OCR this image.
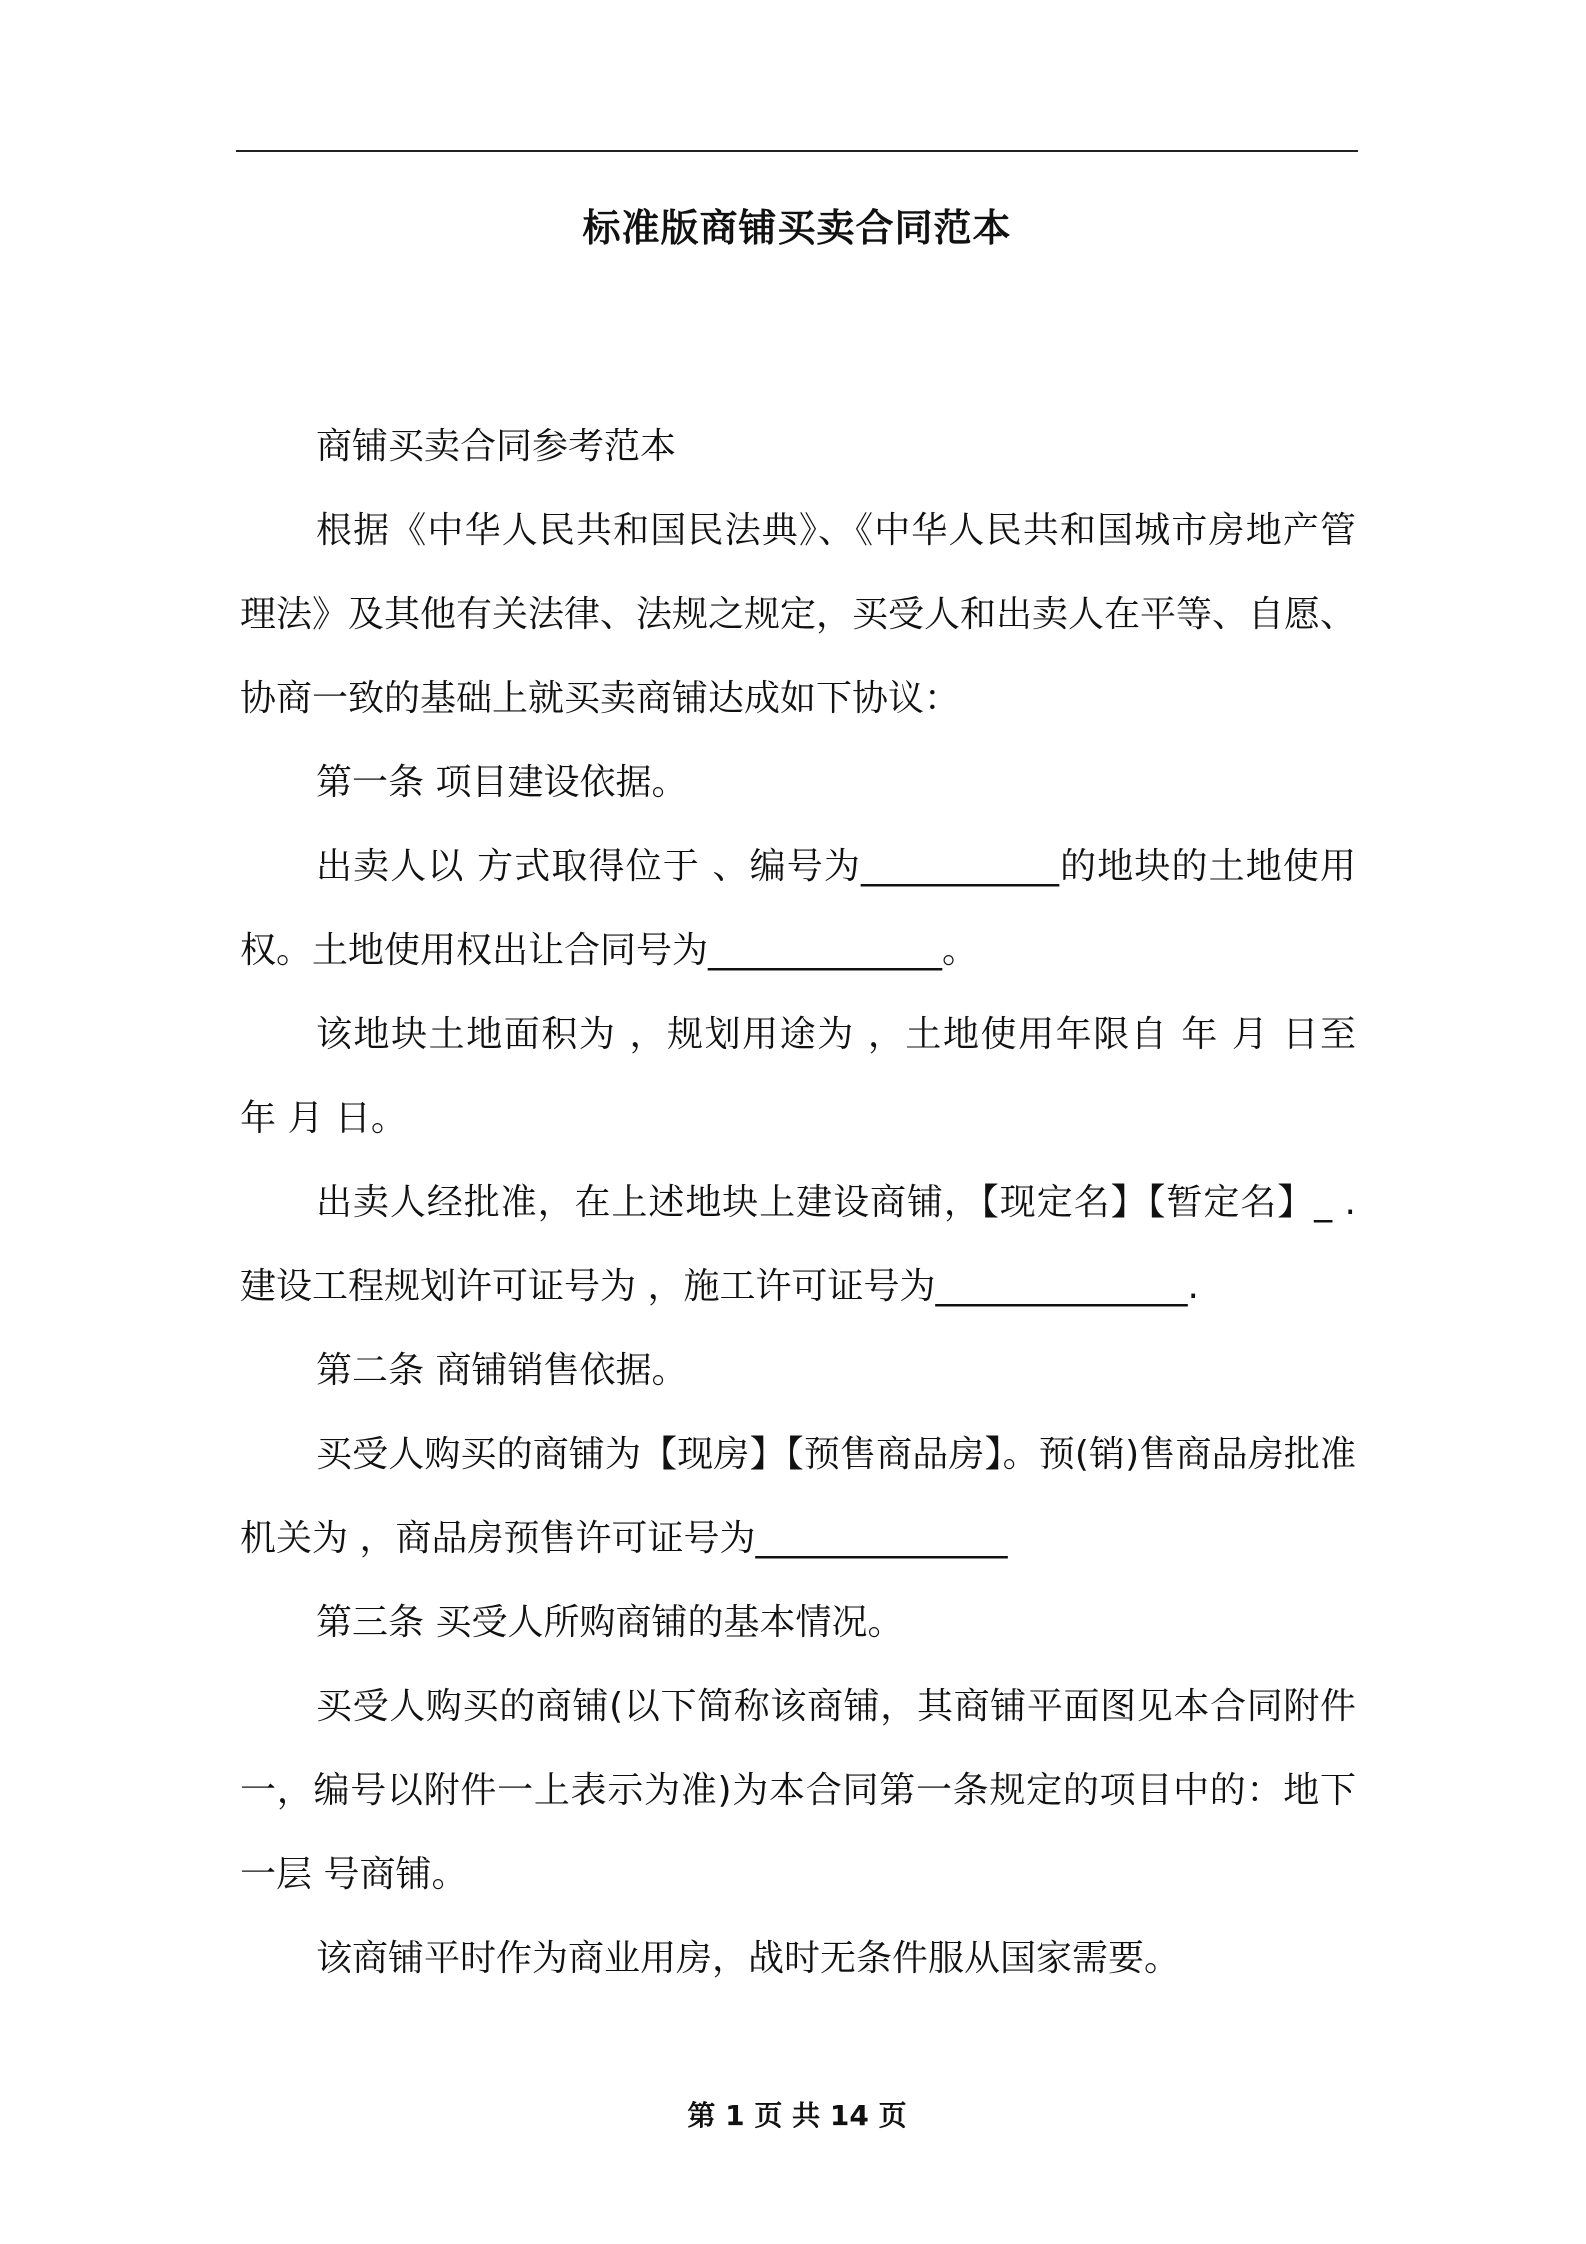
标准版商铺买卖合同范本

商铺买卖合同参考范本

根据《中华人民共和国民法典》、《中华人民共和国城市房地产管理法》及其他有关法律、法规之规定，买受人和出卖人在平等、自愿、协商一致的基础上就买卖商铺达成如下协议：

第一条 项目建设依据。

出卖人以 方式取得位于 、编号为___________的地块的土地使用权。土地使用权出让合同号为_____________。

该地块土地面积为 ，规划用途为 ，土地使用年限自 年 月 日至 年 月 日。

出卖人经批准，在上述地块上建设商铺，【现定名】【暂定名】_ .建设工程规划许可证号为 ，施工许可证号为______________.

第二条 商铺销售依据。

买受人购买的商铺为【现房】【预售商品房】。预(销)售商品房批准机关为 ，商品房预售许可证号为______________

第三条 买受人所购商铺的基本情况。

买受人购买的商铺(以下简称该商铺，其商铺平面图见本合同附件一，编号以附件一上表示为准)为本合同第一条规定的项目中的：地下一层 号商铺。

该商铺平时作为商业用房，战时无条件服从国家需要。

第 1 页 共 14 页
